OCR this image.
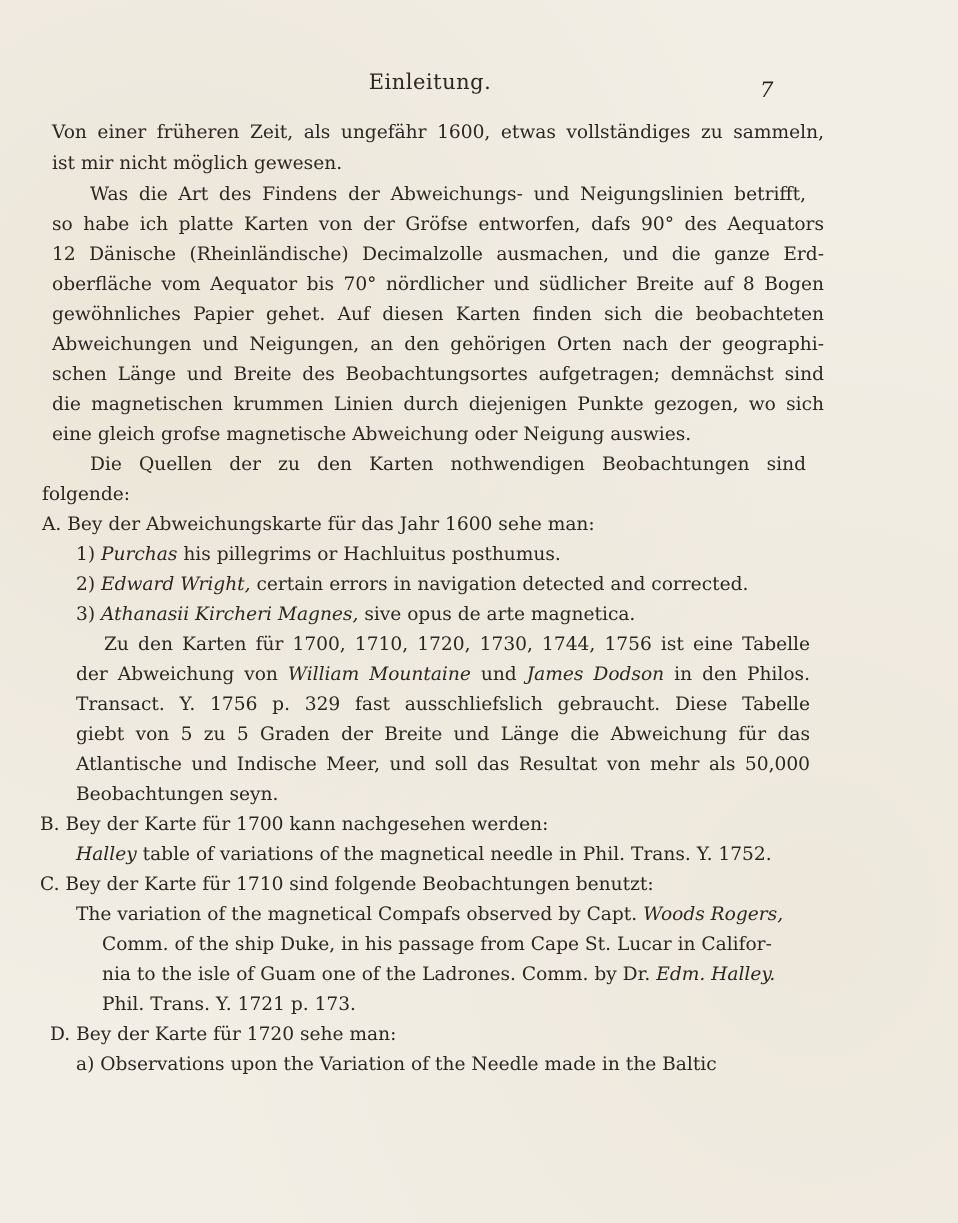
Einleitung.	7
Von einer früheren Zeit, als ungefähr 1600, etwas vollständiges zu sammeln,
ist mir nicht möglich gewesen.
Was die Art des Findens der Abweichungs- und Neigungslinien betrifft,
so habe ich platte Karten von der Gröfse entworfen, dafs 90° des Aequators
12 Dänische (Rheinländische) Decimalzolle ausmachen, und die ganze Erd-
oberfläche vom Aequator bis 70° nördlicher und südlicher Breite auf 8 Bogen
gewöhnliches Papier gehet. Auf diesen Karten finden sich die beobachteten
Abweichungen und Neigungen, an den gehörigen Orten nach der geographi-
schen Länge und Breite des Beobachtungsortes aufgetragen; demnächst sind
die magnetischen krummen Linien durch diejenigen Punkte gezogen, wo sich
eine gleich grofse magnetische Abweichung oder Neigung auswies.
Die Quellen der zu den Karten nothwendigen Beobachtungen sind
folgende:
A. Bey der Abweichungskarte für das Jahr 1600 sehe man:
1) Purchas his pillegrims or Hachluitus posthumus.
2) Edward Wright, certain errors in navigation detected and corrected.
3) Athanasii Kircheri Magnes, sive opus de arte magnetica.
Zu den Karten für 1700, 1710, 1720, 1730, 1744, 1756 ist eine Tabelle
der Abweichung von William Mountaine und James Dodson in den Philos.
Transact. Y. 1756 p. 329 fast ausschliefslich gebraucht. Diese Tabelle
giebt von 5 zu 5 Graden der Breite und Länge die Abweichung für das
Atlantische und Indische Meer, und soll das Resultat von mehr als 50,000
Beobachtungen seyn.
B. Bey der Karte für 1700 kann nachgesehen werden:
Halley table of variations of the magnetical needle in Phil. Trans. Y. 1752.
C. Bey der Karte für 1710 sind folgende Beobachtungen benutzt:
The variation of the magnetical Compafs observed by Capt. Woods Rogers,
Comm. of the ship Duke, in his passage from Cape St. Lucar in Califor-
nia to the isle of Guam one of the Ladrones. Comm. by Dr. Edm. Halley.
Phil. Trans. Y. 1721 p. 173.
D. Bey der Karte für 1720 sehe man:
a) Observations upon the Variation of the Needle made in the Baltic
